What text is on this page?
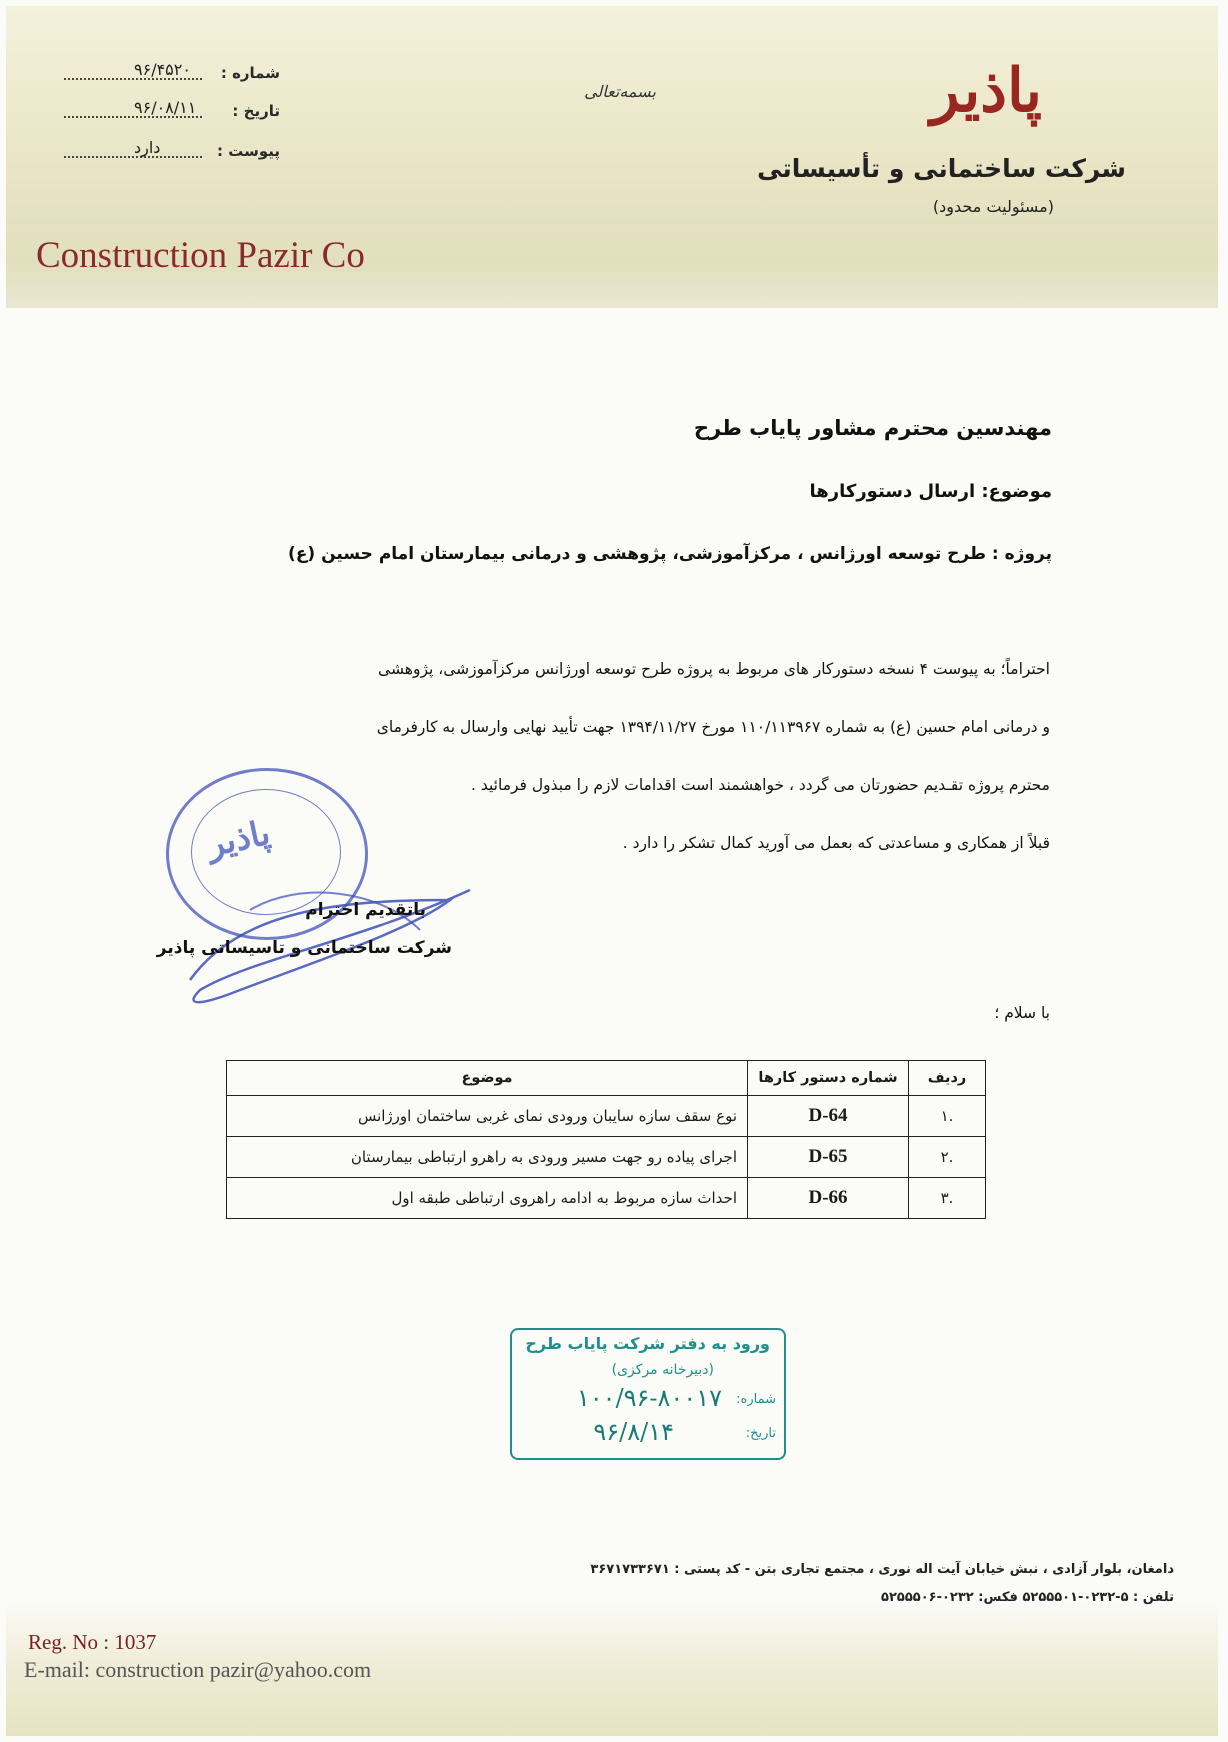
شماره :
۹۶/۴۵۲۰
تاریخ :
۹۶/۰۸/۱۱
پیوست :
دارد
بسمه‌تعالی	پاذیر
شرکت ساختمانی و تأسیساتی
(مسئولیت محدود)
Construction Pazir Co
مهندسین محترم مشاور پایاب طرح
موضوع: ارسال دستورکارها
پروژه : طرح توسعه اورژانس ، مرکزآموزشی، پژوهشی و درمانی بیمارستان امام حسین (ع)
با سلام ؛
احتراماً؛ به پیوست ۴ نسخه دستورکار های مربوط به پروژه طرح توسعه اورژانس مرکزآموزشی، پژوهشی
و درمانی امام حسین (ع) به شماره ۱۱۰/۱۱۳۹۶۷ مورخ ۱۳۹۴/۱۱/۲۷ جهت تأیید نهایی وارسال به کارفرمای
محترم پروژه تقـدیم حضورتان می گردد ، خواهشمند است اقدامات لازم را مبذول فرمائید .
قبلاً از همکاری و مساعدتی که بعمل می آورید کمال تشکر را دارد .
پاذیر
باتقدیم احترام
شرکت ساختمانی و تاسیساتی پاذیر
ردیف	شماره دستور کارها	موضوع
.۱	D-64	نوع سقف سازه سایبان ورودی نمای غربی ساختمان اورژانس
.۲	D-65	اجرای پیاده رو جهت مسیر ورودی به راهرو ارتباطی بیمارستان
.۳	D-66	احداث سازه مربوط به ادامه راهروی ارتباطی طبقه اول
ورود به دفتر شرکت پایاب طرح
(دبیرخانه مرکزی)
شماره:
۱۰۰/۹۶-۸۰۰۱۷
تاریخ:
۹۶/۸/۱۴
دامغان، بلوار آزادی ، نبش خیابان آیت اله نوری ، مجتمع تجاری بتن - کد پستی : ۳۶۷۱۷۳۳۶۷۱
تلفن : ۵-۰۲۳۲-۵۲۵۵۵۰۱ فکس: ۰۲۳۲-۵۲۵۵۵۰۶
Reg. No : 1037
E-mail: construction pazir@yahoo.com
